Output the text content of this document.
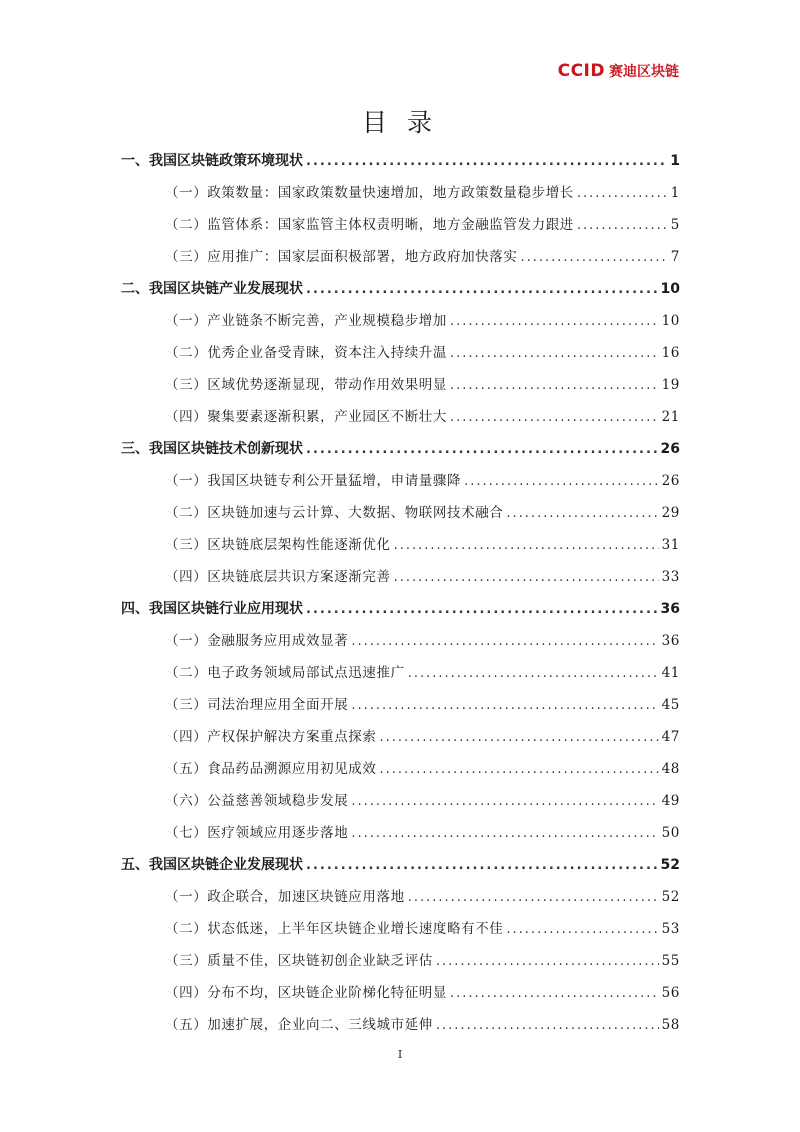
CCID 赛迪区块链
目 录
一、我国区块链政策环境现状 .....	1
（一）政策数量：国家政策数量快速增加，地方政策数量稳步增长 .....	1
（二）监管体系：国家监管主体权责明晰，地方金融监管发力跟进 .....	5
（三）应用推广：国家层面积极部署，地方政府加快落实 .....	7
二、我国区块链产业发展现状 .....	10
（一）产业链条不断完善，产业规模稳步增加 .....	10
（二）优秀企业备受青睐，资本注入持续升温 .....	16
（三）区域优势逐渐显现，带动作用效果明显 .....	19
（四）聚集要素逐渐积累，产业园区不断壮大 .....	21
三、我国区块链技术创新现状 .....	26
（一）我国区块链专利公开量猛增，申请量骤降 .....	26
（二）区块链加速与云计算、大数据、物联网技术融合 .....	29
（三）区块链底层架构性能逐渐优化 .....	31
（四）区块链底层共识方案逐渐完善 .....	33
四、我国区块链行业应用现状 .....	36
（一）金融服务应用成效显著 .....	36
（二）电子政务领域局部试点迅速推广 .....	41
（三）司法治理应用全面开展 .....	45
（四）产权保护解决方案重点探索 .....	47
（五）食品药品溯源应用初见成效 .....	48
（六）公益慈善领域稳步发展 .....	49
（七）医疗领域应用逐步落地 .....	50
五、我国区块链企业发展现状 .....	52
（一）政企联合，加速区块链应用落地 .....	52
（二）状态低迷，上半年区块链企业增长速度略有不佳 .....	53
（三）质量不佳，区块链初创企业缺乏评估 .....	55
（四）分布不均，区块链企业阶梯化特征明显 .....	56
（五）加速扩展，企业向二、三线城市延伸 .....	58
I
